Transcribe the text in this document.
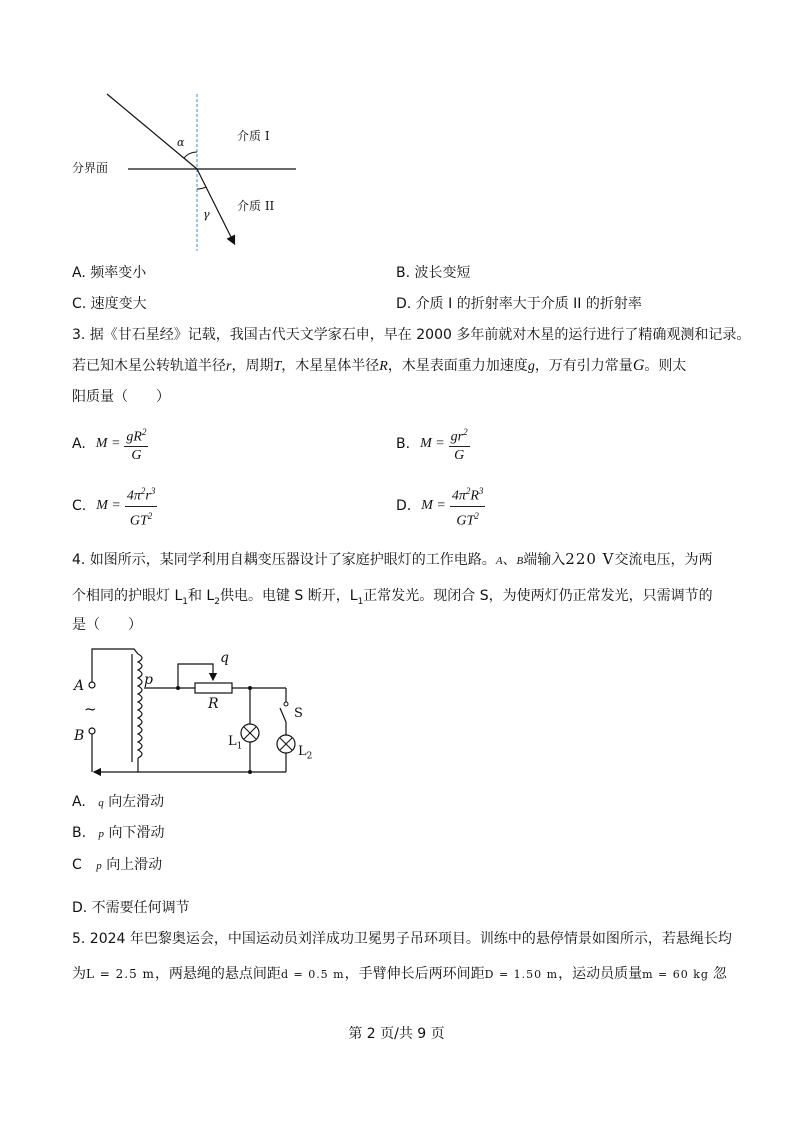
分界面
介质 I
介质 II
α
γ
A. 频率变小	B. 波长变短
C. 速度变大	D. 介质 I 的折射率大于介质 II 的折射率
3. 据《甘石星经》记载，我国古代天文学家石申，早在 2000 多年前就对木星的运行进行了精确观测和记录。
若已知木星公转轨道半径r，周期T，木星星体半径R，木星表面重力加速度g，万有引力常量G。则太
阳质量（　　）
A. $M = \frac{gR^2}{G}$	B. $M = \frac{gr^2}{G}$
C. $M = \frac{4\pi^2r^3}{GT^2}$	D. $M = \frac{4\pi^2R^3}{GT^2}$
4. 如图所示，某同学利用自耦变压器设计了家庭护眼灯的工作电路。A、B端输入220 V交流电压，为两
个相同的护眼灯 $L_1$和 $L_2$供电。电键 S 断开，$L_1$正常发光。现闭合 S，为使两灯仍正常发光，只需调节的
是（　　）
A
~
B
p
q
R
S
$L_1$	$L_2$
A. q 向左滑动
B. p 向下滑动
C p 向上滑动
D. 不需要任何调节
5. 2024 年巴黎奥运会，中国运动员刘洋成功卫冕男子吊环项目。训练中的悬停情景如图所示，若悬绳长均
为L = 2.5 m，两悬绳的悬点间距d = 0.5 m，手臂伸长后两环间距D = 1.50 m，运动员质量m = 60 kg 忽
第 2 页/共 9 页
